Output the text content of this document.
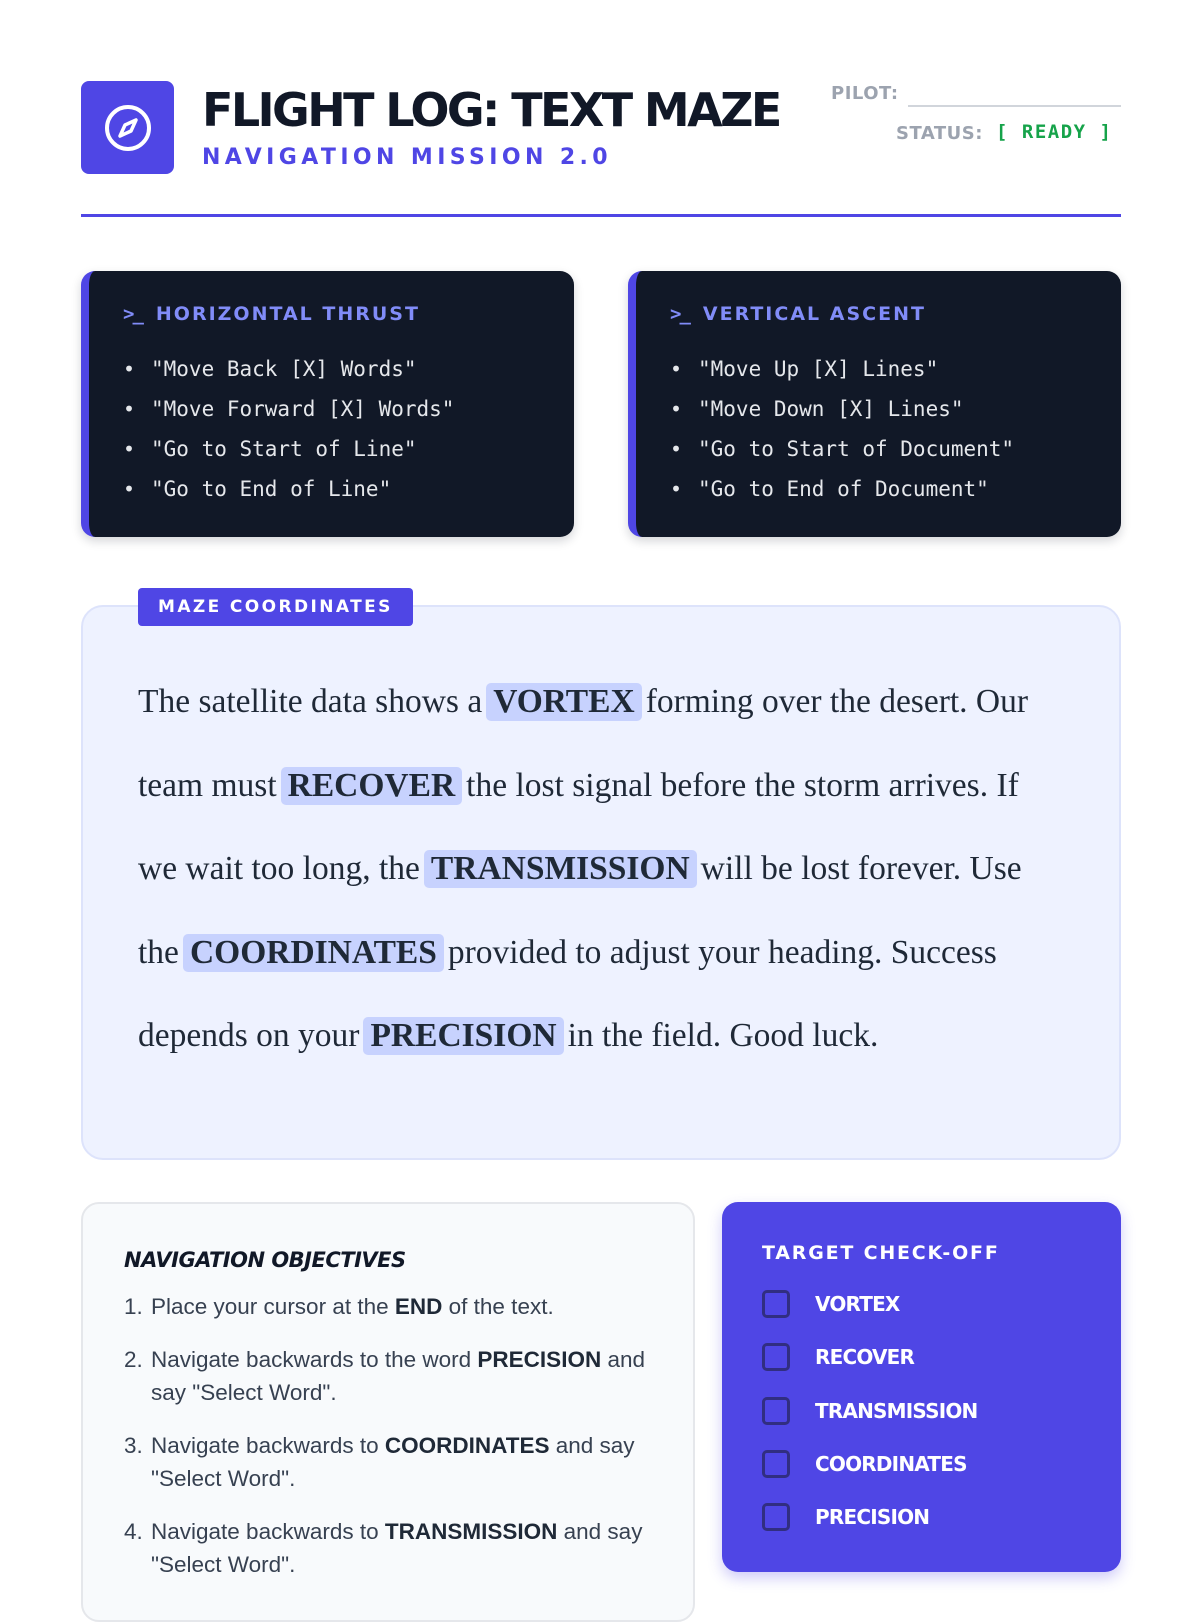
FLIGHT LOG: TEXT MAZE
NAVIGATION MISSION 2.0
PILOT:
STATUS: [ READY ]
>_ HORIZONTAL THRUST
• "Move Back [X] Words"
• "Move Forward [X] Words"
• "Go to Start of Line"
• "Go to End of Line"
>_ VERTICAL ASCENT
• "Move Up [X] Lines"
• "Move Down [X] Lines"
• "Go to Start of Document"
• "Go to End of Document"
MAZE COORDINATES
The satellite data shows a VORTEX forming over the desert. Our
team must RECOVER the lost signal before the storm arrives. If
we wait too long, the TRANSMISSION will be lost forever. Use
the COORDINATES provided to adjust your heading. Success
depends on your PRECISION in the field. Good luck.
NAVIGATION OBJECTIVES
1. Place your cursor at the END of the text.
2. Navigate backwards to the word PRECISION and say "Select Word".
3. Navigate backwards to COORDINATES and say "Select Word".
4. Navigate backwards to TRANSMISSION and say "Select Word".
TARGET CHECK-OFF
VORTEX
RECOVER
TRANSMISSION
COORDINATES
PRECISION
